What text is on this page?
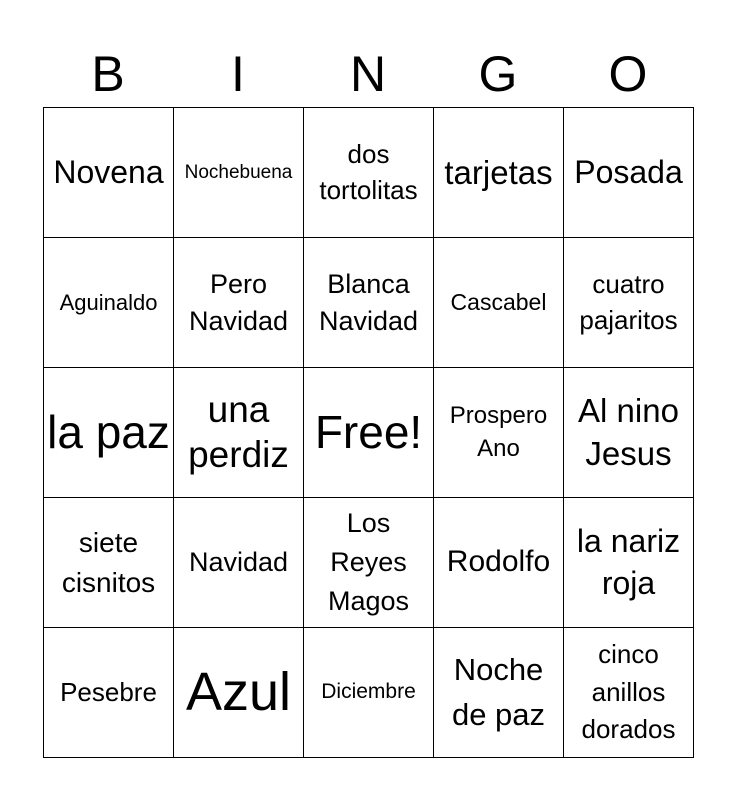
B	I	N	G	O
Novena	Nochebuena	dos tortolitas	tarjetas	Posada

Aguinaldo	Pero Navidad	Blanca Navidad	Cascabel	cuatro pajaritos

la paz	una perdiz	Free!	Prospero Ano	Al nino Jesus

siete cisnitos	Navidad	Los Reyes Magos	Rodolfo	la nariz roja

Pesebre	Azul	Diciembre	Noche de paz	cinco anillos dorados
